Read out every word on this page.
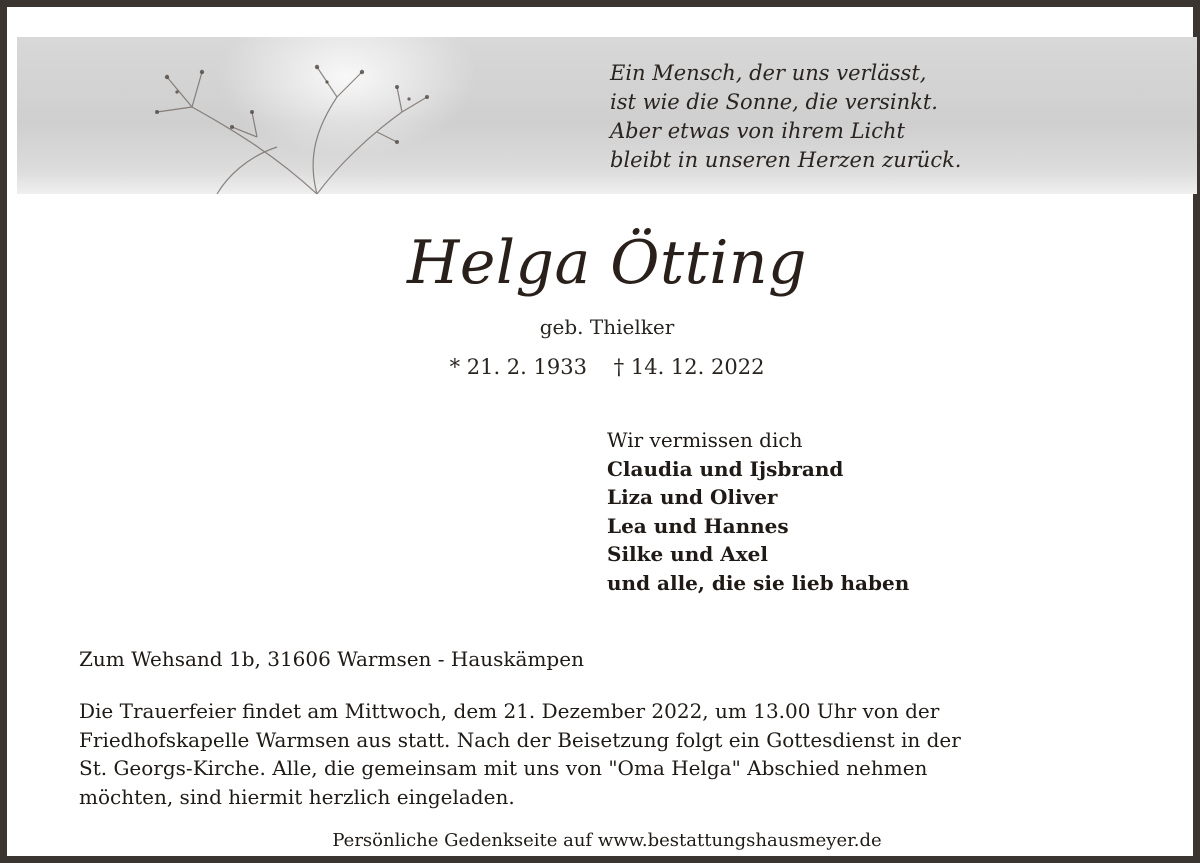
Ein Mensch, der uns verlässt,
ist wie die Sonne, die versinkt.
Aber etwas von ihrem Licht
bleibt in unseren Herzen zurück.
Helga Ötting
geb. Thielker
* 21. 2. 1933    † 14. 12. 2022
Wir vermissen dich
Claudia und Ijsbrand
Liza und Oliver
Lea und Hannes
Silke und Axel
und alle, die sie lieb haben
Zum Wehsand 1b, 31606 Warmsen - Hauskämpen
Die Trauerfeier findet am Mittwoch, dem 21. Dezember 2022, um 13.00 Uhr von der
Friedhofskapelle Warmsen aus statt. Nach der Beisetzung folgt ein Gottesdienst in der
St. Georgs-Kirche. Alle, die gemeinsam mit uns von "Oma Helga" Abschied nehmen
möchten, sind hiermit herzlich eingeladen.
Persönliche Gedenkseite auf www.bestattungshausmeyer.de
